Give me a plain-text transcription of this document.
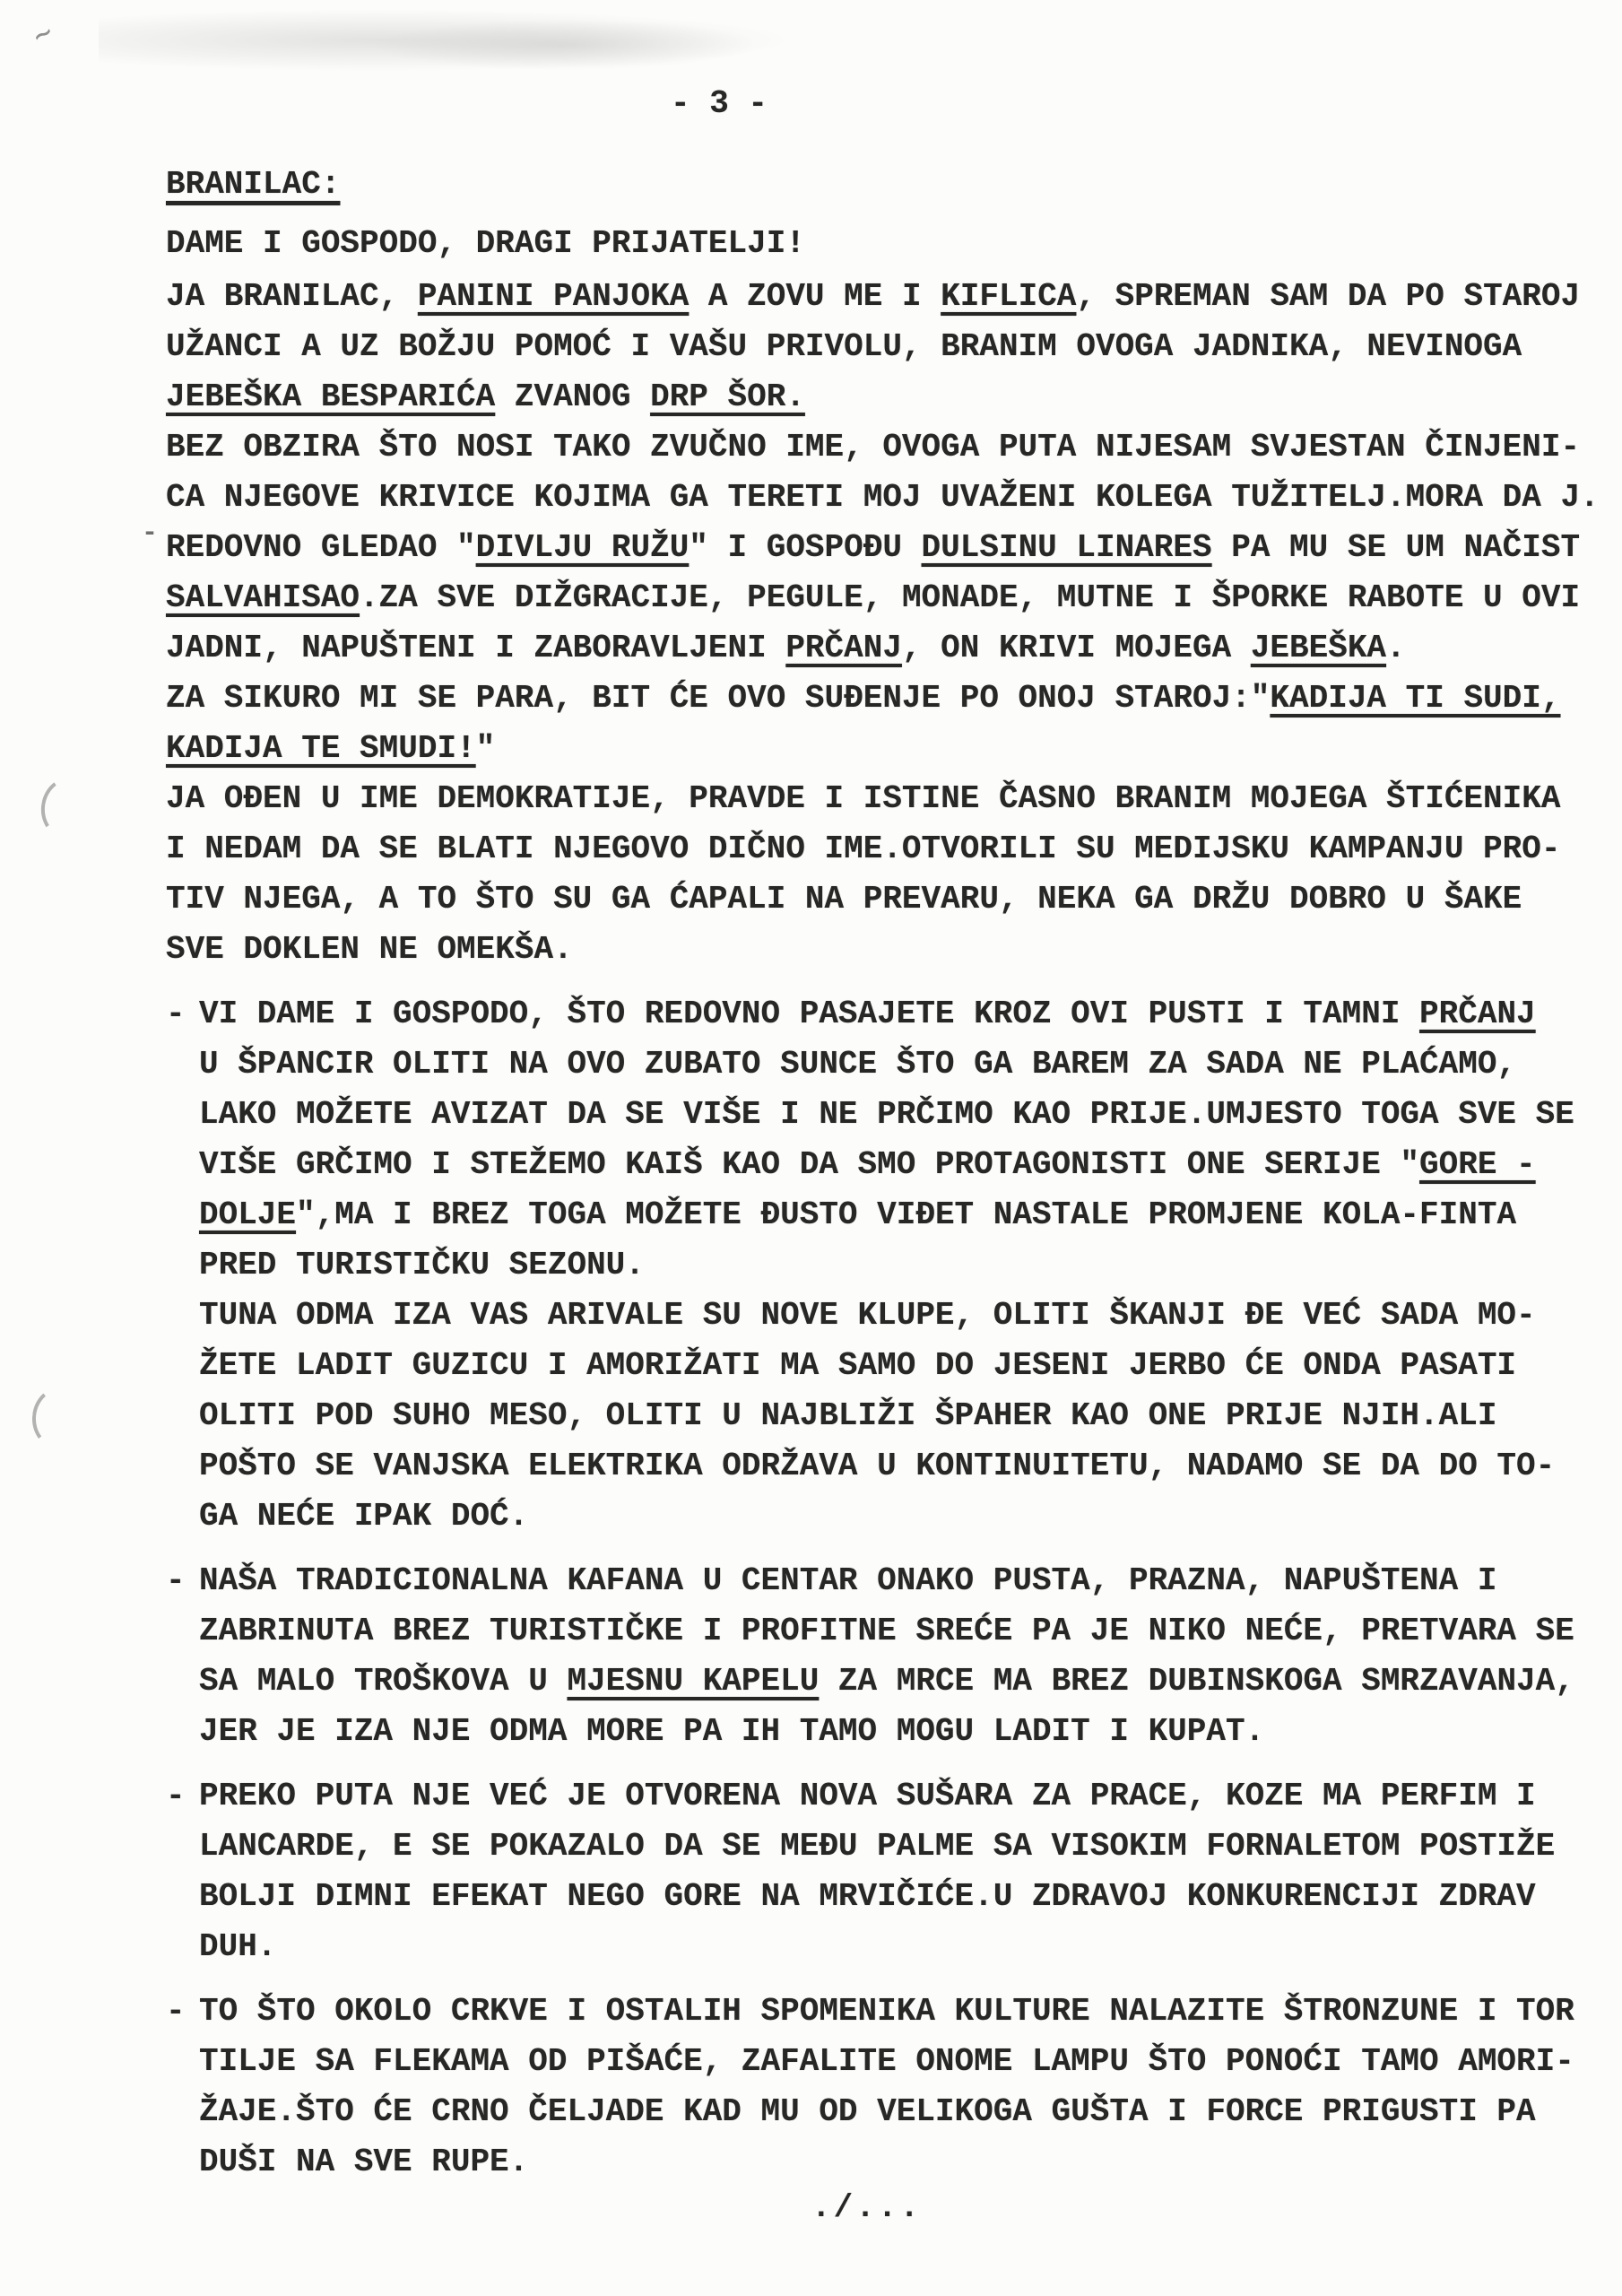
∼
-
- 3 -
BRANILAC:
DAME I GOSPODO, DRAGI PRIJATELJI!
JA BRANILAC, PANINI PANJOKA A ZOVU ME I KIFLICA, SPREMAN SAM DA PO STAROJ
UŽANCI A UZ BOŽJU POMOĆ I VAŠU PRIVOLU, BRANIM OVOGA JADNIKA, NEVINOGA
JEBEŠKA BESPARIĆA ZVANOG DRP ŠOR.
BEZ OBZIRA ŠTO NOSI TAKO ZVUČNO IME, OVOGA PUTA NIJESAM SVJESTAN ČINJENI-
CA NJEGOVE KRIVICE KOJIMA GA TERETI MOJ UVAŽENI KOLEGA TUŽITELJ.MORA DA J.
REDOVNO GLEDAO "DIVLJU RUŽU" I GOSPOĐU DULSINU LINARES PA MU SE UM NAČIST
SALVAHISAO.ZA SVE DIŽGRACIJE, PEGULE, MONADE, MUTNE I ŠPORKE RABOTE U OVI
JADNI, NAPUŠTENI I ZABORAVLJENI PRČANJ, ON KRIVI MOJEGA JEBEŠKA.
ZA SIKURO MI SE PARA, BIT ĆE OVO SUĐENJE PO ONOJ STAROJ:"KADIJA TI SUDI,
KADIJA TE SMUDI!"
JA OĐEN U IME DEMOKRATIJE, PRAVDE I ISTINE ČASNO BRANIM MOJEGA ŠTIĆENIKA
I NEDAM DA SE BLATI NJEGOVO DIČNO IME.OTVORILI SU MEDIJSKU KAMPANJU PRO-
TIV NJEGA, A TO ŠTO SU GA ĆAPALI NA PREVARU, NEKA GA DRŽU DOBRO U ŠAKE
SVE DOKLEN NE OMEKŠA.
- VI DAME I GOSPODO, ŠTO REDOVNO PASAJETE KROZ OVI PUSTI I TAMNI PRČANJ
U ŠPANCIR OLITI NA OVO ZUBATO SUNCE ŠTO GA BAREM ZA SADA NE PLAĆAMO,
LAKO MOŽETE AVIZAT DA SE VIŠE I NE PRČIMO KAO PRIJE.UMJESTO TOGA SVE SE
VIŠE GRČIMO I STEŽEMO KAIŠ KAO DA SMO PROTAGONISTI ONE SERIJE "GORE -
DOLJE",MA I BREZ TOGA MOŽETE ĐUSTO VIĐET NASTALE PROMJENE KOLA-FINTA
PRED TURISTIČKU SEZONU.
TUNA ODMA IZA VAS ARIVALE SU NOVE KLUPE, OLITI ŠKANJI ĐE VEĆ SADA MO-
ŽETE LADIT GUZICU I AMORIŽATI MA SAMO DO JESENI JERBO ĆE ONDA PASATI
OLITI POD SUHO MESO, OLITI U NAJBLIŽI ŠPAHER KAO ONE PRIJE NJIH.ALI
POŠTO SE VANJSKA ELEKTRIKA ODRŽAVA U KONTINUITETU, NADAMO SE DA DO TO-
GA NEĆE IPAK DOĆ.
- NAŠA TRADICIONALNA KAFANA U CENTAR ONAKO PUSTA, PRAZNA, NAPUŠTENA I
ZABRINUTA BREZ TURISTIČKE I PROFITNE SREĆE PA JE NIKO NEĆE, PRETVARA SE
SA MALO TROŠKOVA U MJESNU KAPELU ZA MRCE MA BREZ DUBINSKOGA SMRZAVANJA,
JER JE IZA NJE ODMA MORE PA IH TAMO MOGU LADIT I KUPAT.
- PREKO PUTA NJE VEĆ JE OTVORENA NOVA SUŠARA ZA PRACE, KOZE MA PERFIM I
LANCARDE, E SE POKAZALO DA SE MEĐU PALME SA VISOKIM FORNALETOM POSTIŽE
BOLJI DIMNI EFEKAT NEGO GORE NA MRVIČIĆE.U ZDRAVOJ KONKURENCIJI ZDRAV
DUH.
- TO ŠTO OKOLO CRKVE I OSTALIH SPOMENIKA KULTURE NALAZITE ŠTRONZUNE I TOR
TILJE SA FLEKAMA OD PIŠAĆE, ZAFALITE ONOME LAMPU ŠTO PONOĆI TAMO AMORI-
ŽAJE.ŠTO ĆE CRNO ČELJADE KAD MU OD VELIKOGA GUŠTA I FORCE PRIGUSTI PA
DUŠI NA SVE RUPE.
./...
